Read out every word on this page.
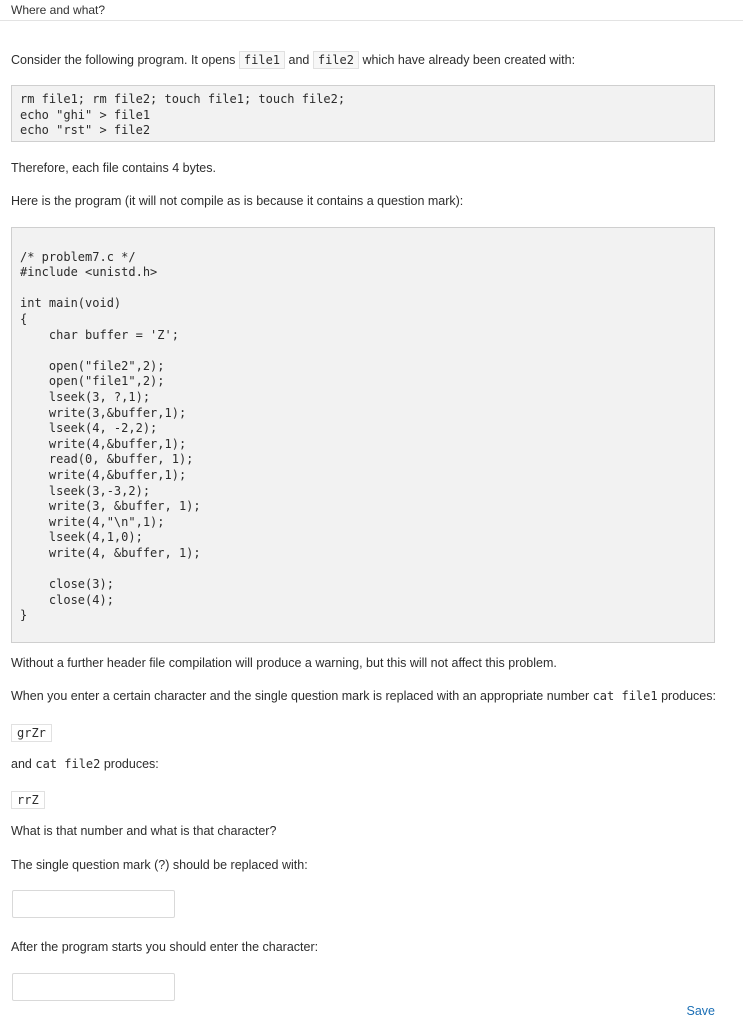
Where and what?
Consider the following program. It opens file1 and file2 which have already been created with:
rm file1; rm file2; touch file1; touch file2;
echo "ghi" > file1
echo "rst" > file2
Therefore, each file contains 4 bytes.
Here is the program (it will not compile as is because it contains a question mark):

/* problem7.c */
#include <unistd.h>

int main(void)
{
char buffer = 'Z';

open("file2",2);
open("file1",2);
lseek(3, ?,1);
write(3,&buffer,1);
lseek(4, -2,2);
write(4,&buffer,1);
read(0, &buffer, 1);
write(4,&buffer,1);
lseek(3,-3,2);
write(3, &buffer, 1);
write(4,"\n",1);
lseek(4,1,0);
write(4, &buffer, 1);

close(3);
close(4);
}
Without a further header file compilation will produce a warning, but this will not affect this problem.
When you enter a certain character and the single question mark is replaced with an appropriate number cat file1 produces:
grZr
and cat file2 produces:
rrZ
What is that number and what is that character?
The single question mark (?) should be replaced with:
After the program starts you should enter the character:
Save
